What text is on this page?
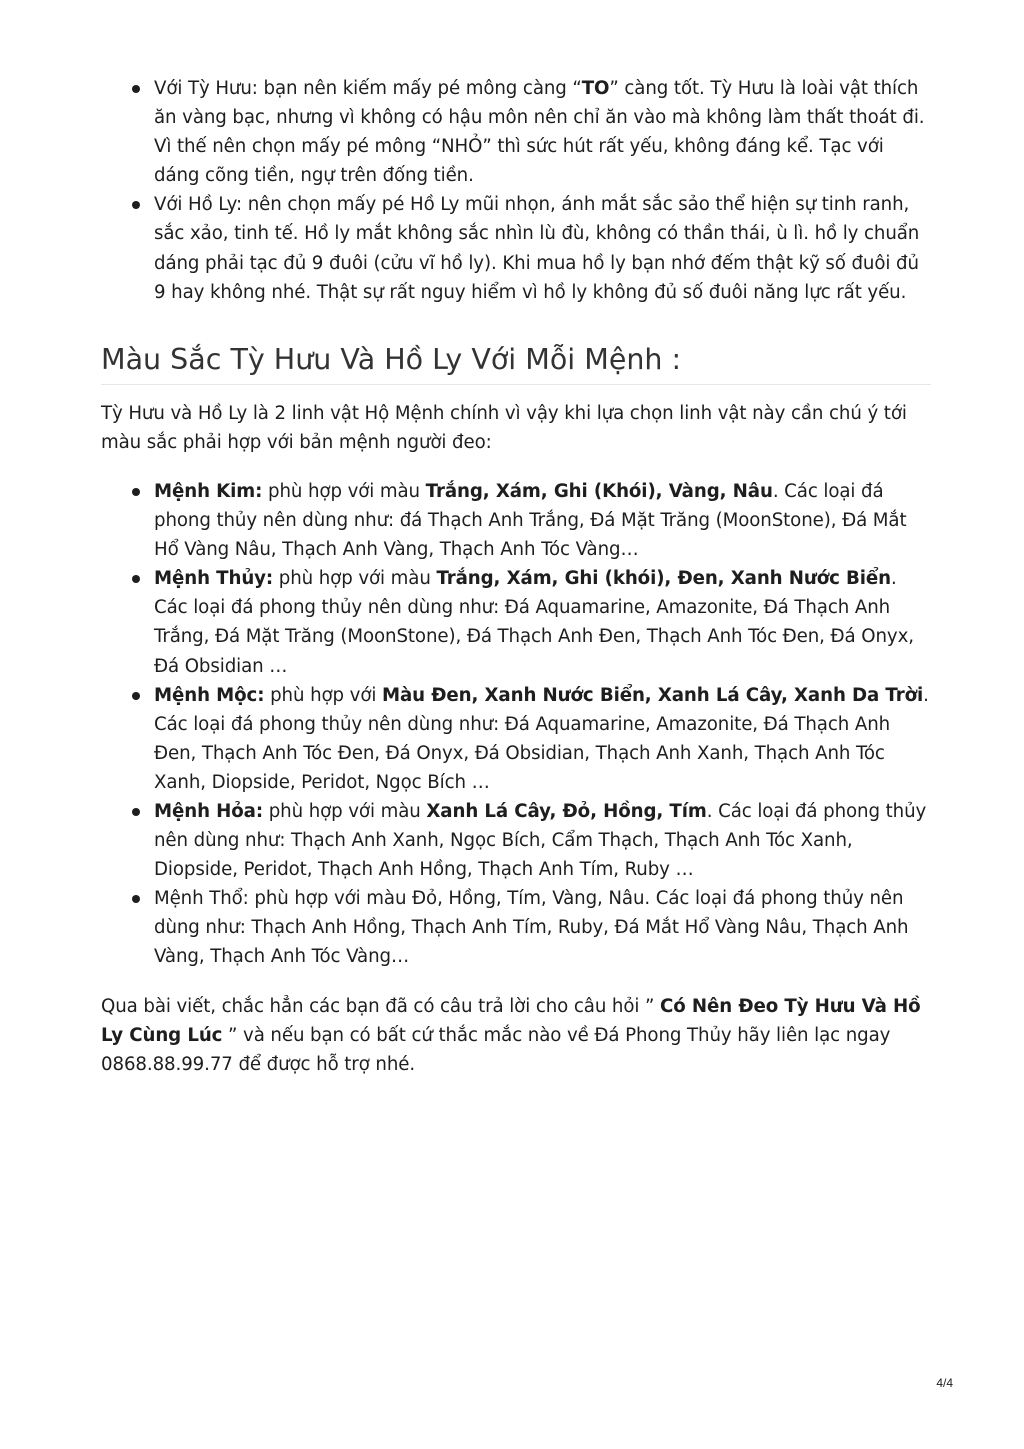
Với Tỳ Hưu: bạn nên kiếm mấy pé mông càng “TO” càng tốt. Tỳ Hưu là loài vật thích ăn vàng bạc, nhưng vì không có hậu môn nên chỉ ăn vào mà không làm thất thoát đi. Vì thế nên chọn mấy pé mông “NHỎ” thì sức hút rất yếu, không đáng kể. Tạc với dáng cõng tiền, ngự trên đống tiền.
Với Hồ Ly: nên chọn mấy pé Hồ Ly mũi nhọn, ánh mắt sắc sảo thể hiện sự tinh ranh, sắc xảo, tinh tế. Hồ ly mắt không sắc nhìn lù đù, không có thần thái, ù lì. hồ ly chuẩn dáng phải tạc đủ 9 đuôi (cửu vĩ hồ ly). Khi mua hồ ly bạn nhớ đếm thật kỹ số đuôi đủ 9 hay không nhé. Thật sự rất nguy hiểm vì hồ ly không đủ số đuôi năng lực rất yếu.
Màu Sắc Tỳ Hưu Và Hồ Ly Với Mỗi Mệnh :

Tỳ Hưu và Hồ Ly là 2 linh vật Hộ Mệnh chính vì vậy khi lựa chọn linh vật này cần chú ý tới màu sắc phải hợp với bản mệnh người đeo:

Mệnh Kim: phù hợp với màu Trắng, Xám, Ghi (Khói), Vàng, Nâu. Các loại đá phong thủy nên dùng như: đá Thạch Anh Trắng, Đá Mặt Trăng (MoonStone), Đá Mắt Hổ Vàng Nâu, Thạch Anh Vàng, Thạch Anh Tóc Vàng…
Mệnh Thủy: phù hợp với màu Trắng, Xám, Ghi (khói), Đen, Xanh Nước Biển. Các loại đá phong thủy nên dùng như: Đá Aquamarine, Amazonite, Đá Thạch Anh Trắng, Đá Mặt Trăng (MoonStone), Đá Thạch Anh Đen, Thạch Anh Tóc Đen, Đá Onyx, Đá Obsidian …
Mệnh Mộc: phù hợp với Màu Đen, Xanh Nước Biển, Xanh Lá Cây, Xanh Da Trời. Các loại đá phong thủy nên dùng như: Đá Aquamarine, Amazonite, Đá Thạch Anh Đen, Thạch Anh Tóc Đen, Đá Onyx, Đá Obsidian, Thạch Anh Xanh, Thạch Anh Tóc Xanh, Diopside, Peridot, Ngọc Bích …
Mệnh Hỏa: phù hợp với màu Xanh Lá Cây, Đỏ, Hồng, Tím. Các loại đá phong thủy nên dùng như: Thạch Anh Xanh, Ngọc Bích, Cẩm Thạch, Thạch Anh Tóc Xanh, Diopside, Peridot, Thạch Anh Hồng, Thạch Anh Tím, Ruby …
Mệnh Thổ: phù hợp với màu Đỏ, Hồng, Tím, Vàng, Nâu. Các loại đá phong thủy nên dùng như: Thạch Anh Hồng, Thạch Anh Tím, Ruby, Đá Mắt Hổ Vàng Nâu, Thạch Anh Vàng, Thạch Anh Tóc Vàng…

Qua bài viết, chắc hẳn các bạn đã có câu trả lời cho câu hỏi ” Có Nên Đeo Tỳ Hưu Và Hồ Ly Cùng Lúc ” và nếu bạn có bất cứ thắc mắc nào về Đá Phong Thủy hãy liên lạc ngay 0868.88.99.77 để được hỗ trợ nhé.

4/4
